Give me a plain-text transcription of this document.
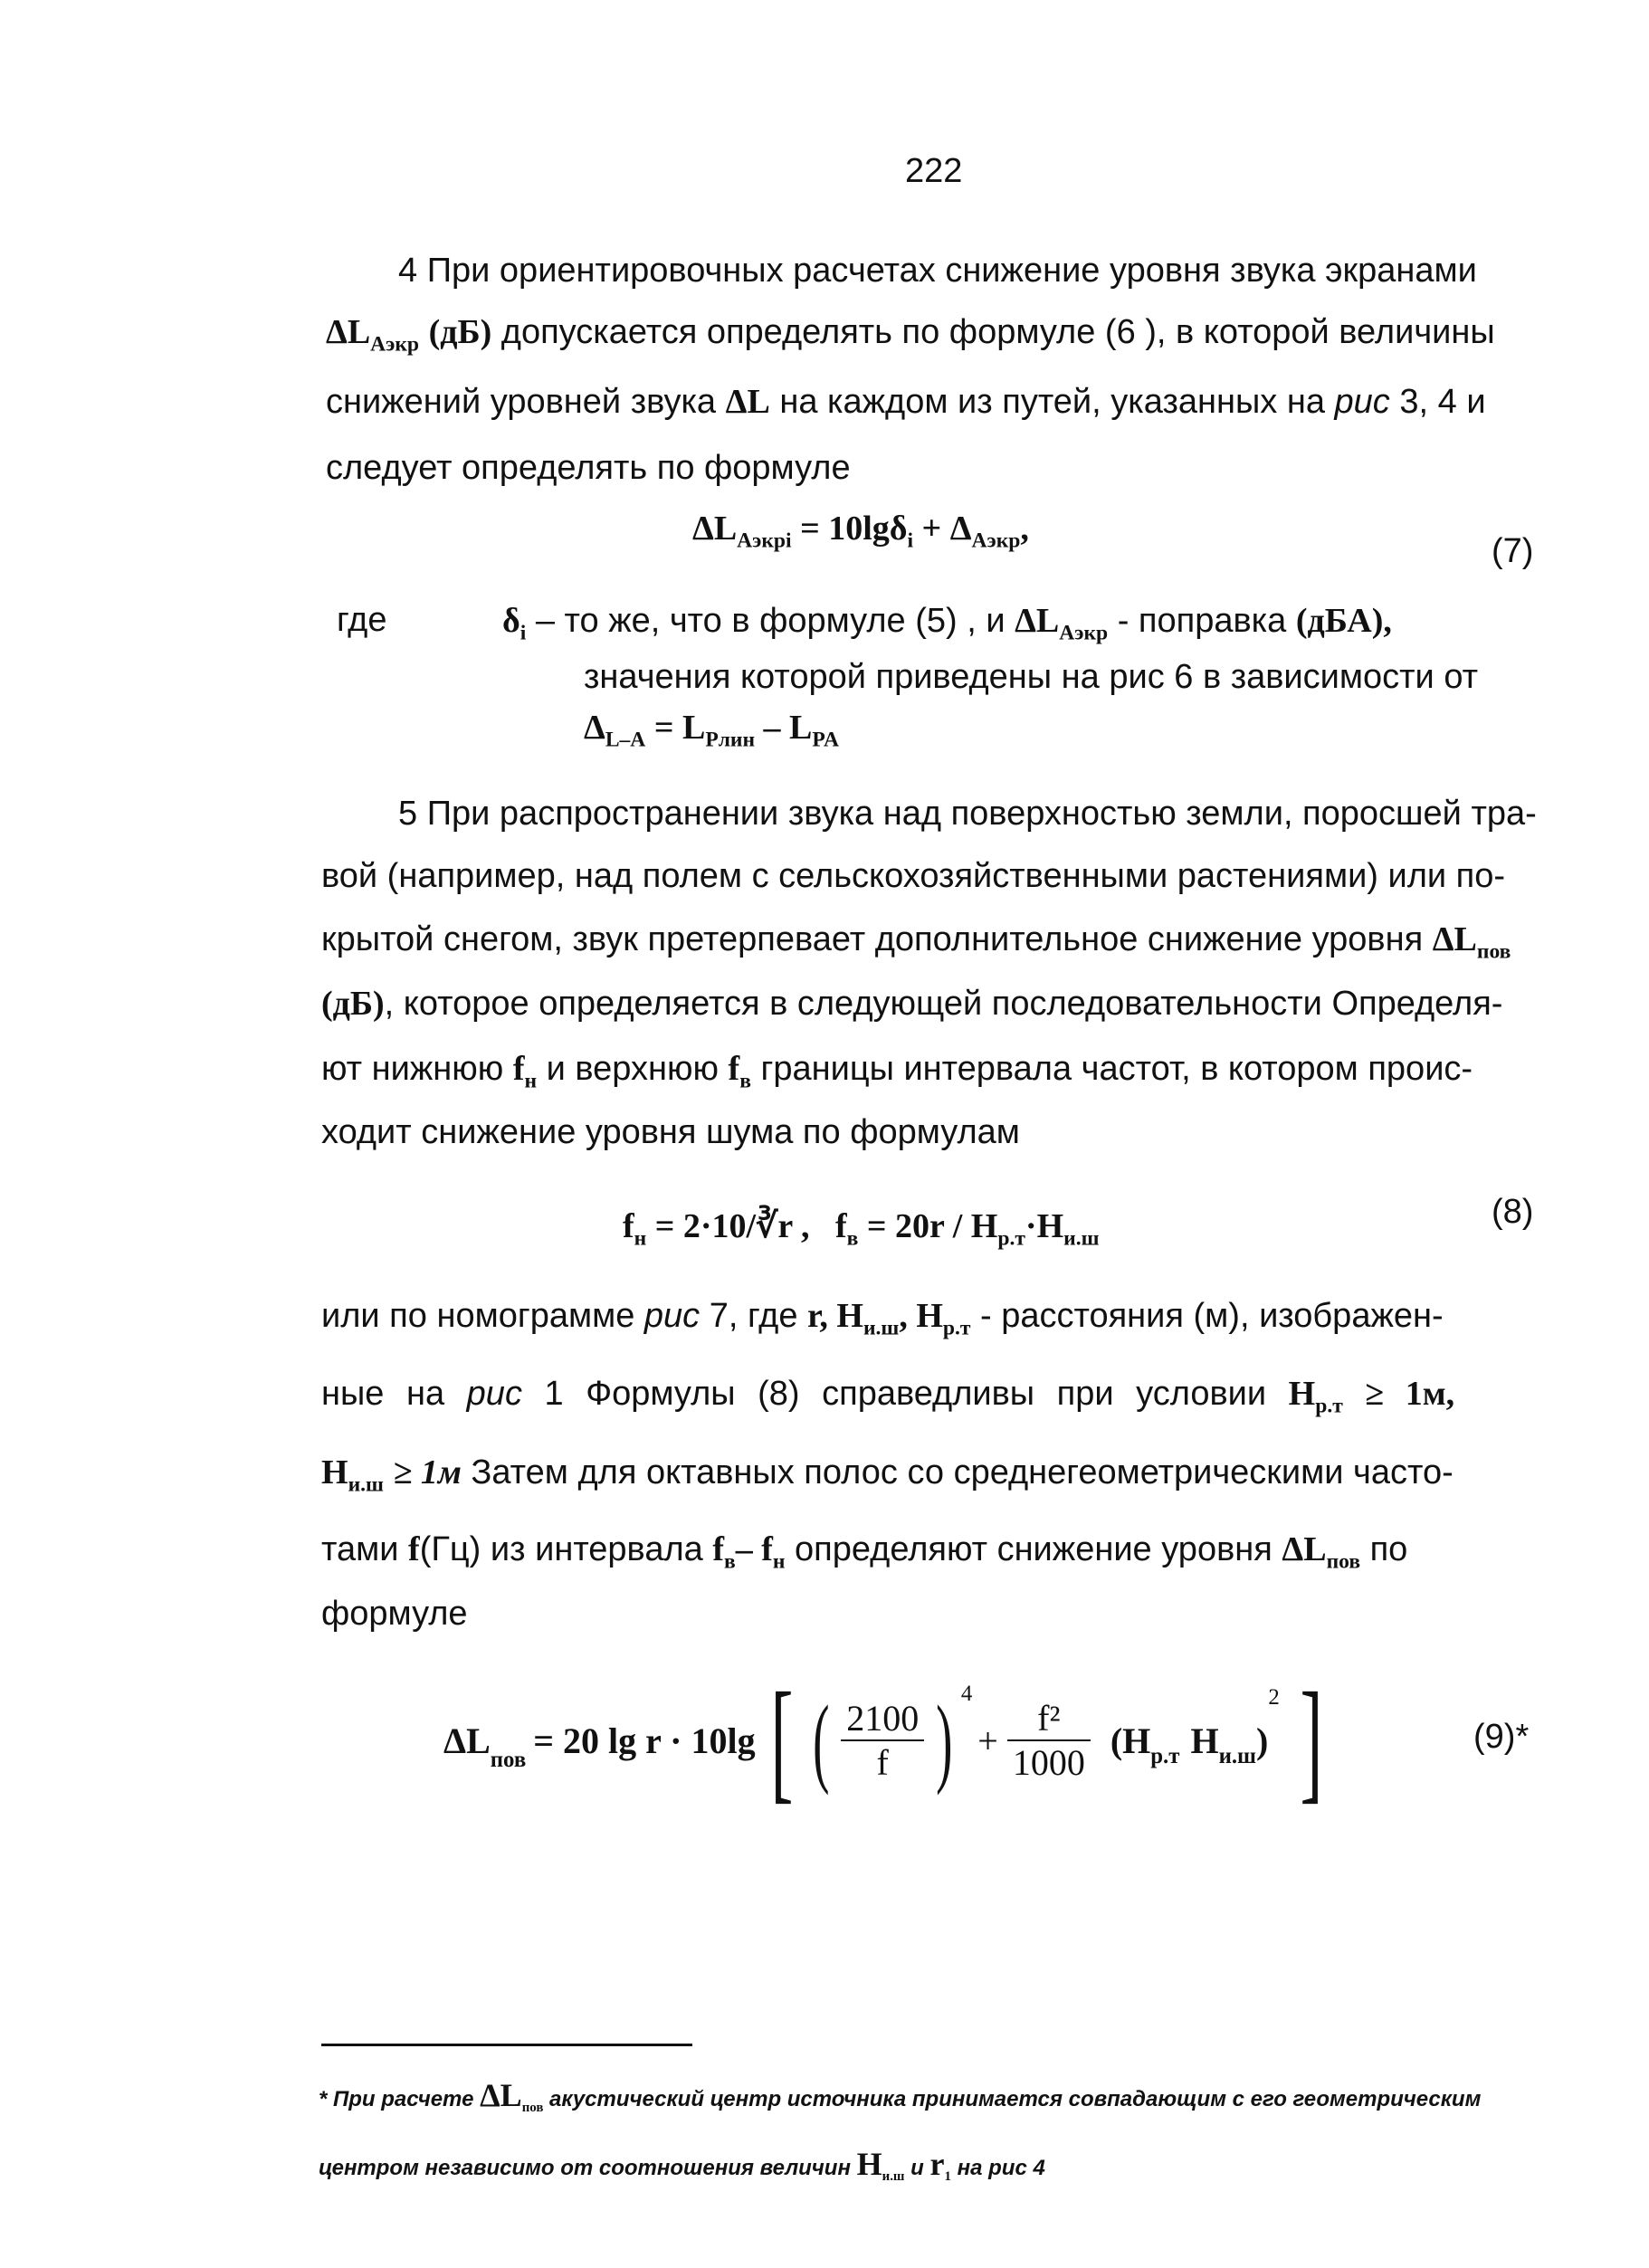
222
4 При ориентировочных расчетах снижение уровня звука экранами
$\Delta L_{Аэкр}$ (дБ) допускается определять по формуле (6 ), в которой величины
снижений уровней звука ΔL на каждом из путей, указанных на рис 3, 4 и
следует определять по формуле
$\Delta L_{Аэкрi} = 10\lg\delta_i + \Delta_{Аэкр}$,
(7)
где	$\delta_i$ – то же, что в формуле (5) , и $\Delta L_{Аэкр}$ - поправка (дБА),
значения которой приведены на рис 6 в зависимости от
$\Delta_{L-A} = L_{Pлин} - L_{PA}$
5 При распространении звука над поверхностью земли, поросшей тра-
вой (например, над полем с сельскохозяйственными растениями) или по-
крытой снегом, звук претерпевает дополнительное снижение уровня $\Delta L_{пов}$
(дБ), которое определяется в следующей последовательности Определя-
ют нижнюю $f_н$ и верхнюю $f_в$ границы интервала частот, в котором проис-
ходит снижение уровня шума по формулам
$f_н$ = 2·10/∛r , $f_в = 20r / H_{р.т}\cdot H_{и.ш}$
(8)
или по номограмме рис 7, где r, $H_{и.ш}$, $H_{р.т}$ - расстояния (м), изображен-
ные на рис 1 Формулы (8) справедливы при условии $H_{р.т} \ge 1м$,
$H_{и.ш} \ge 1м$ Затем для октавных полос со среднегеометрическими часто-
тами f(Гц) из интервала $f_в-$ $f_н$ определяют снижение уровня $\Delta L_{пов}$ по
формуле
$\Delta L_{пов} = 20$ lg r · 10lg [ ( $\frac{2100}{f}$ ) 4
+ $\frac{\text{f²}}{1000} (H_{р.т}$ $H_{и.ш}$ )
2 ]	(9)*
* При расчете $\Delta L_{пов}$ акустический центр источника принимается совпадающим с его геометрическим
центром независимо от соотношения величин $H_{и.ш}$ и $r_1$ на рис 4
